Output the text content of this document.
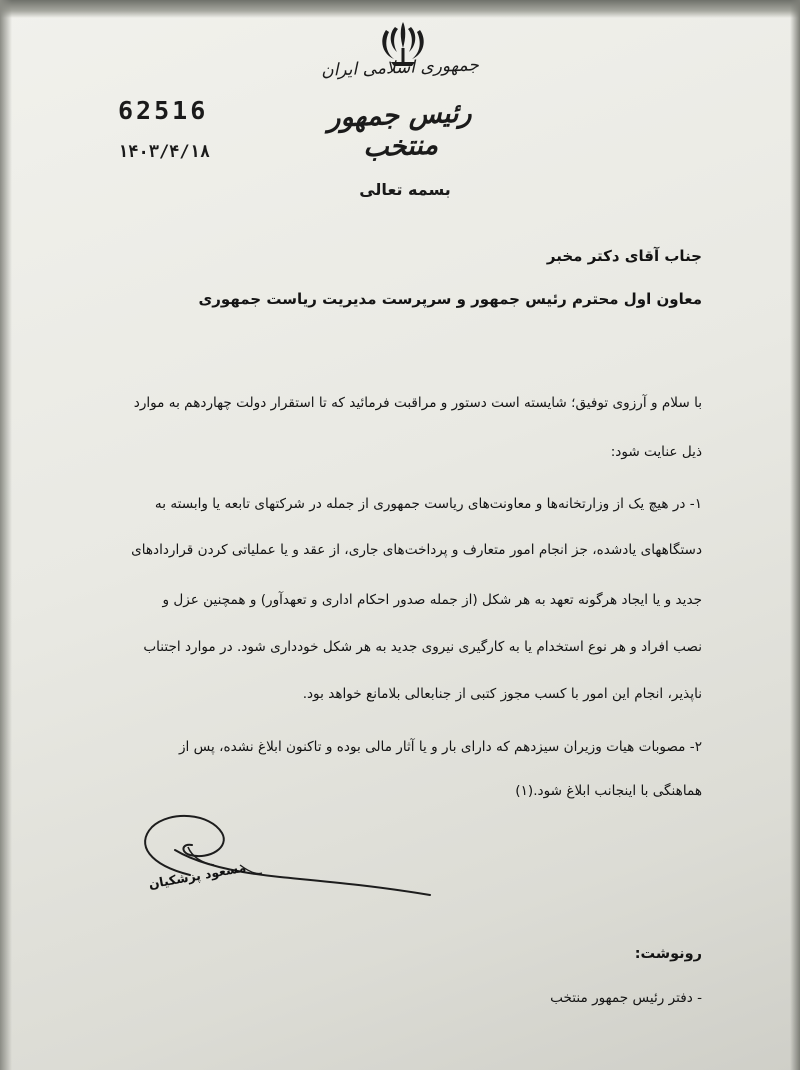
جمهوری اسلامی ایران
رئیس جمهور منتخب
62516
۱۴۰۳/۴/۱۸
بسمه تعالی
جناب آقای دکتر مخبر
معاون اول محترم رئیس جمهور و سرپرست مدیریت ریاست جمهوری
با سلام و آرزوی توفیق؛ شایسته است دستور و مراقبت فرمائید که تا استقرار دولت چهاردهم به موارد
ذیل عنایت شود:
۱- در هیچ یک از وزارتخانه‌ها و معاونت‌های ریاست جمهوری از جمله در شرکتهای تابعه یا وابسته به
دستگاههای یادشده، جز انجام امور متعارف و پرداخت‌های جاری، از عقد و یا عملیاتی کردن قراردادهای
جدید و یا ایجاد هرگونه تعهد به هر شکل (از جمله صدور احکام اداری و تعهدآور) و همچنین عزل و
نصب افراد و هر نوع استخدام یا به کارگیری نیروی جدید به هر شکل خودداری شود. در موارد اجتناب
ناپذیر، انجام این امور با کسب مجوز کتبی از جنابعالی بلامانع خواهد بود.
۲- مصوبات هیات وزیران سیزدهم که دارای بار و یا آثار مالی بوده و تاکنون ابلاغ نشده، پس از
هماهنگی با اینجانب ابلاغ شود.(۱)
مسعود پزشکیان
رونوشت:
- دفتر رئیس جمهور منتخب
